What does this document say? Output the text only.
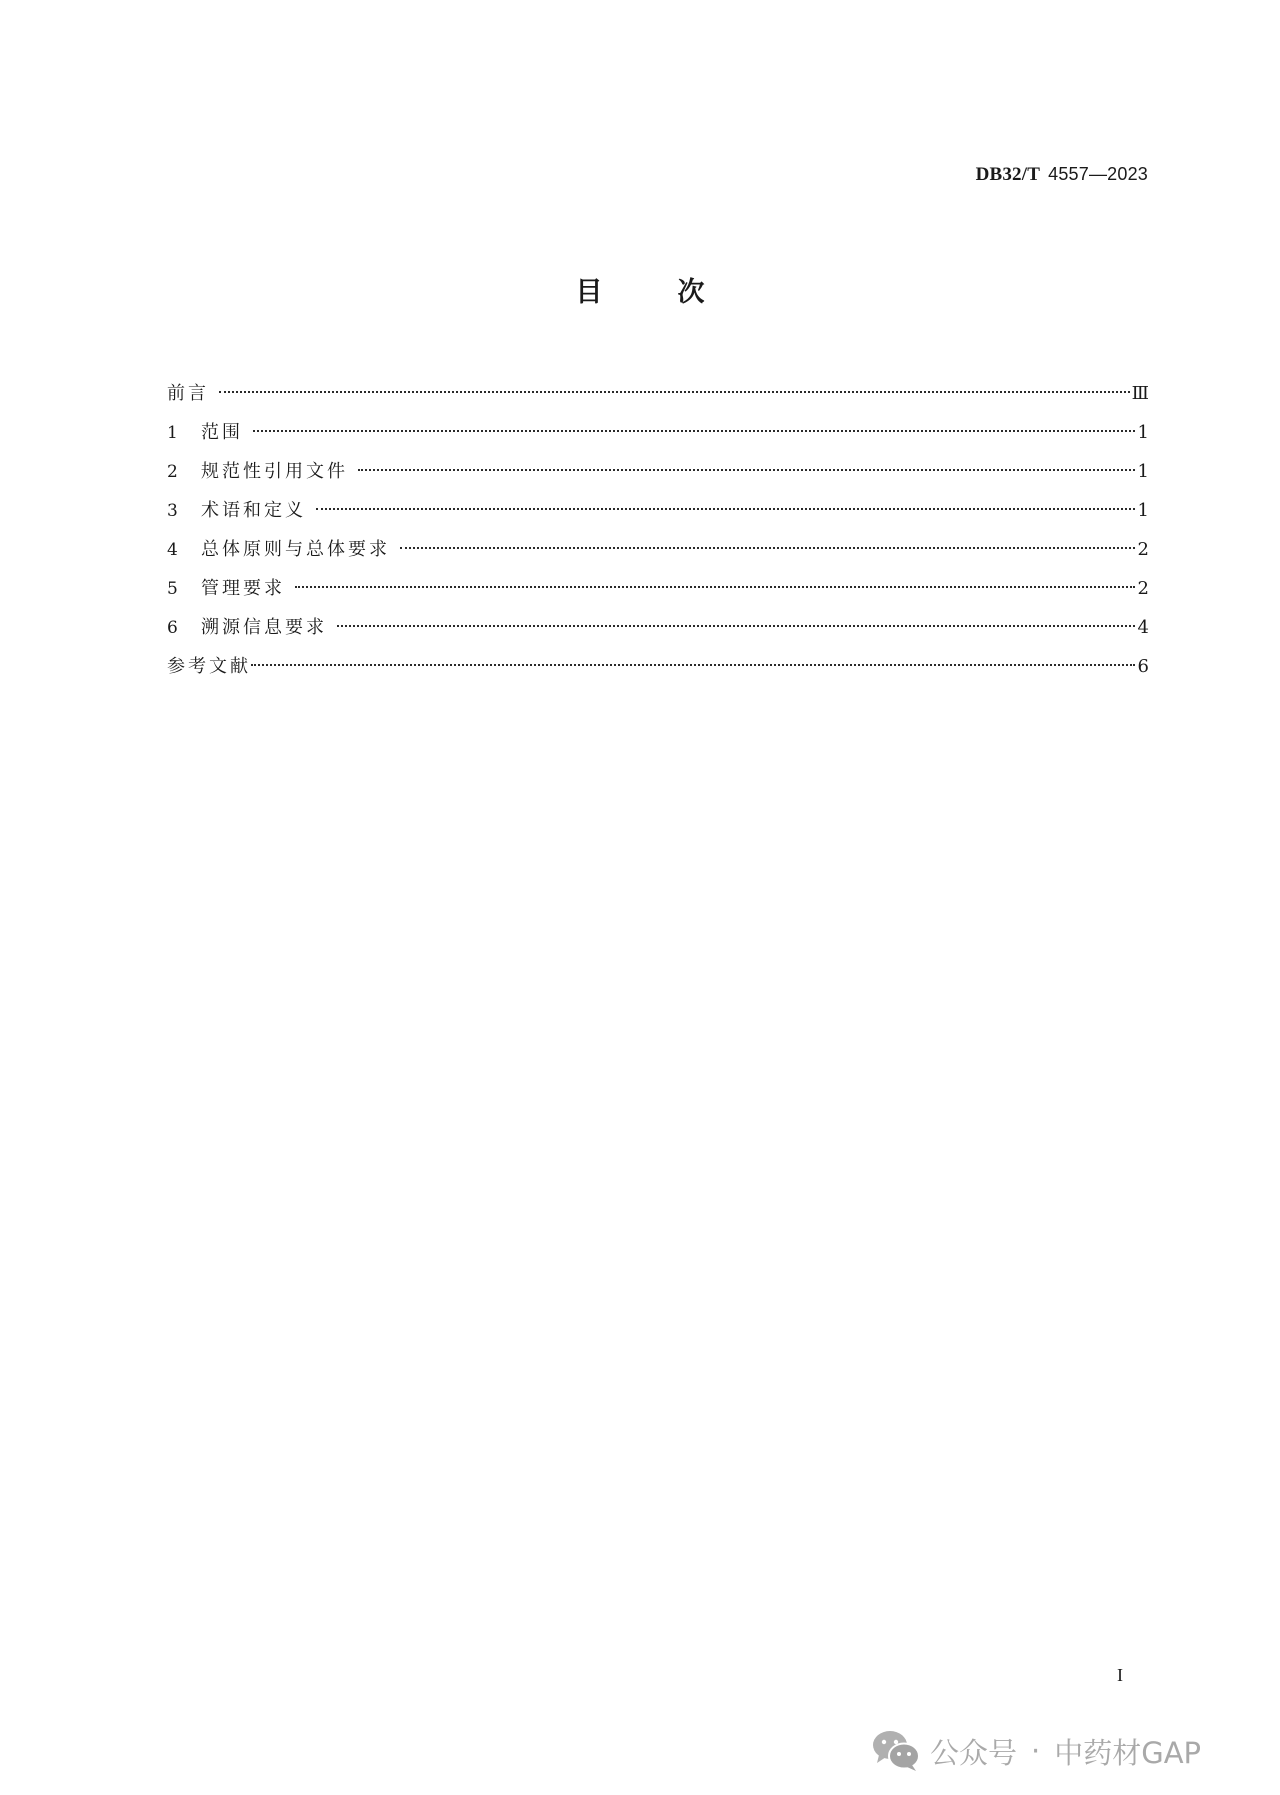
DB32/T 4557—2023
目	次
前言	Ⅲ
1	范围	1
2	规范性引用文件	1
3	术语和定义	1
4	总体原则与总体要求	2
5	管理要求	2
6	溯源信息要求	4
参考文献	6
I
公众号 · 中药材GAP
